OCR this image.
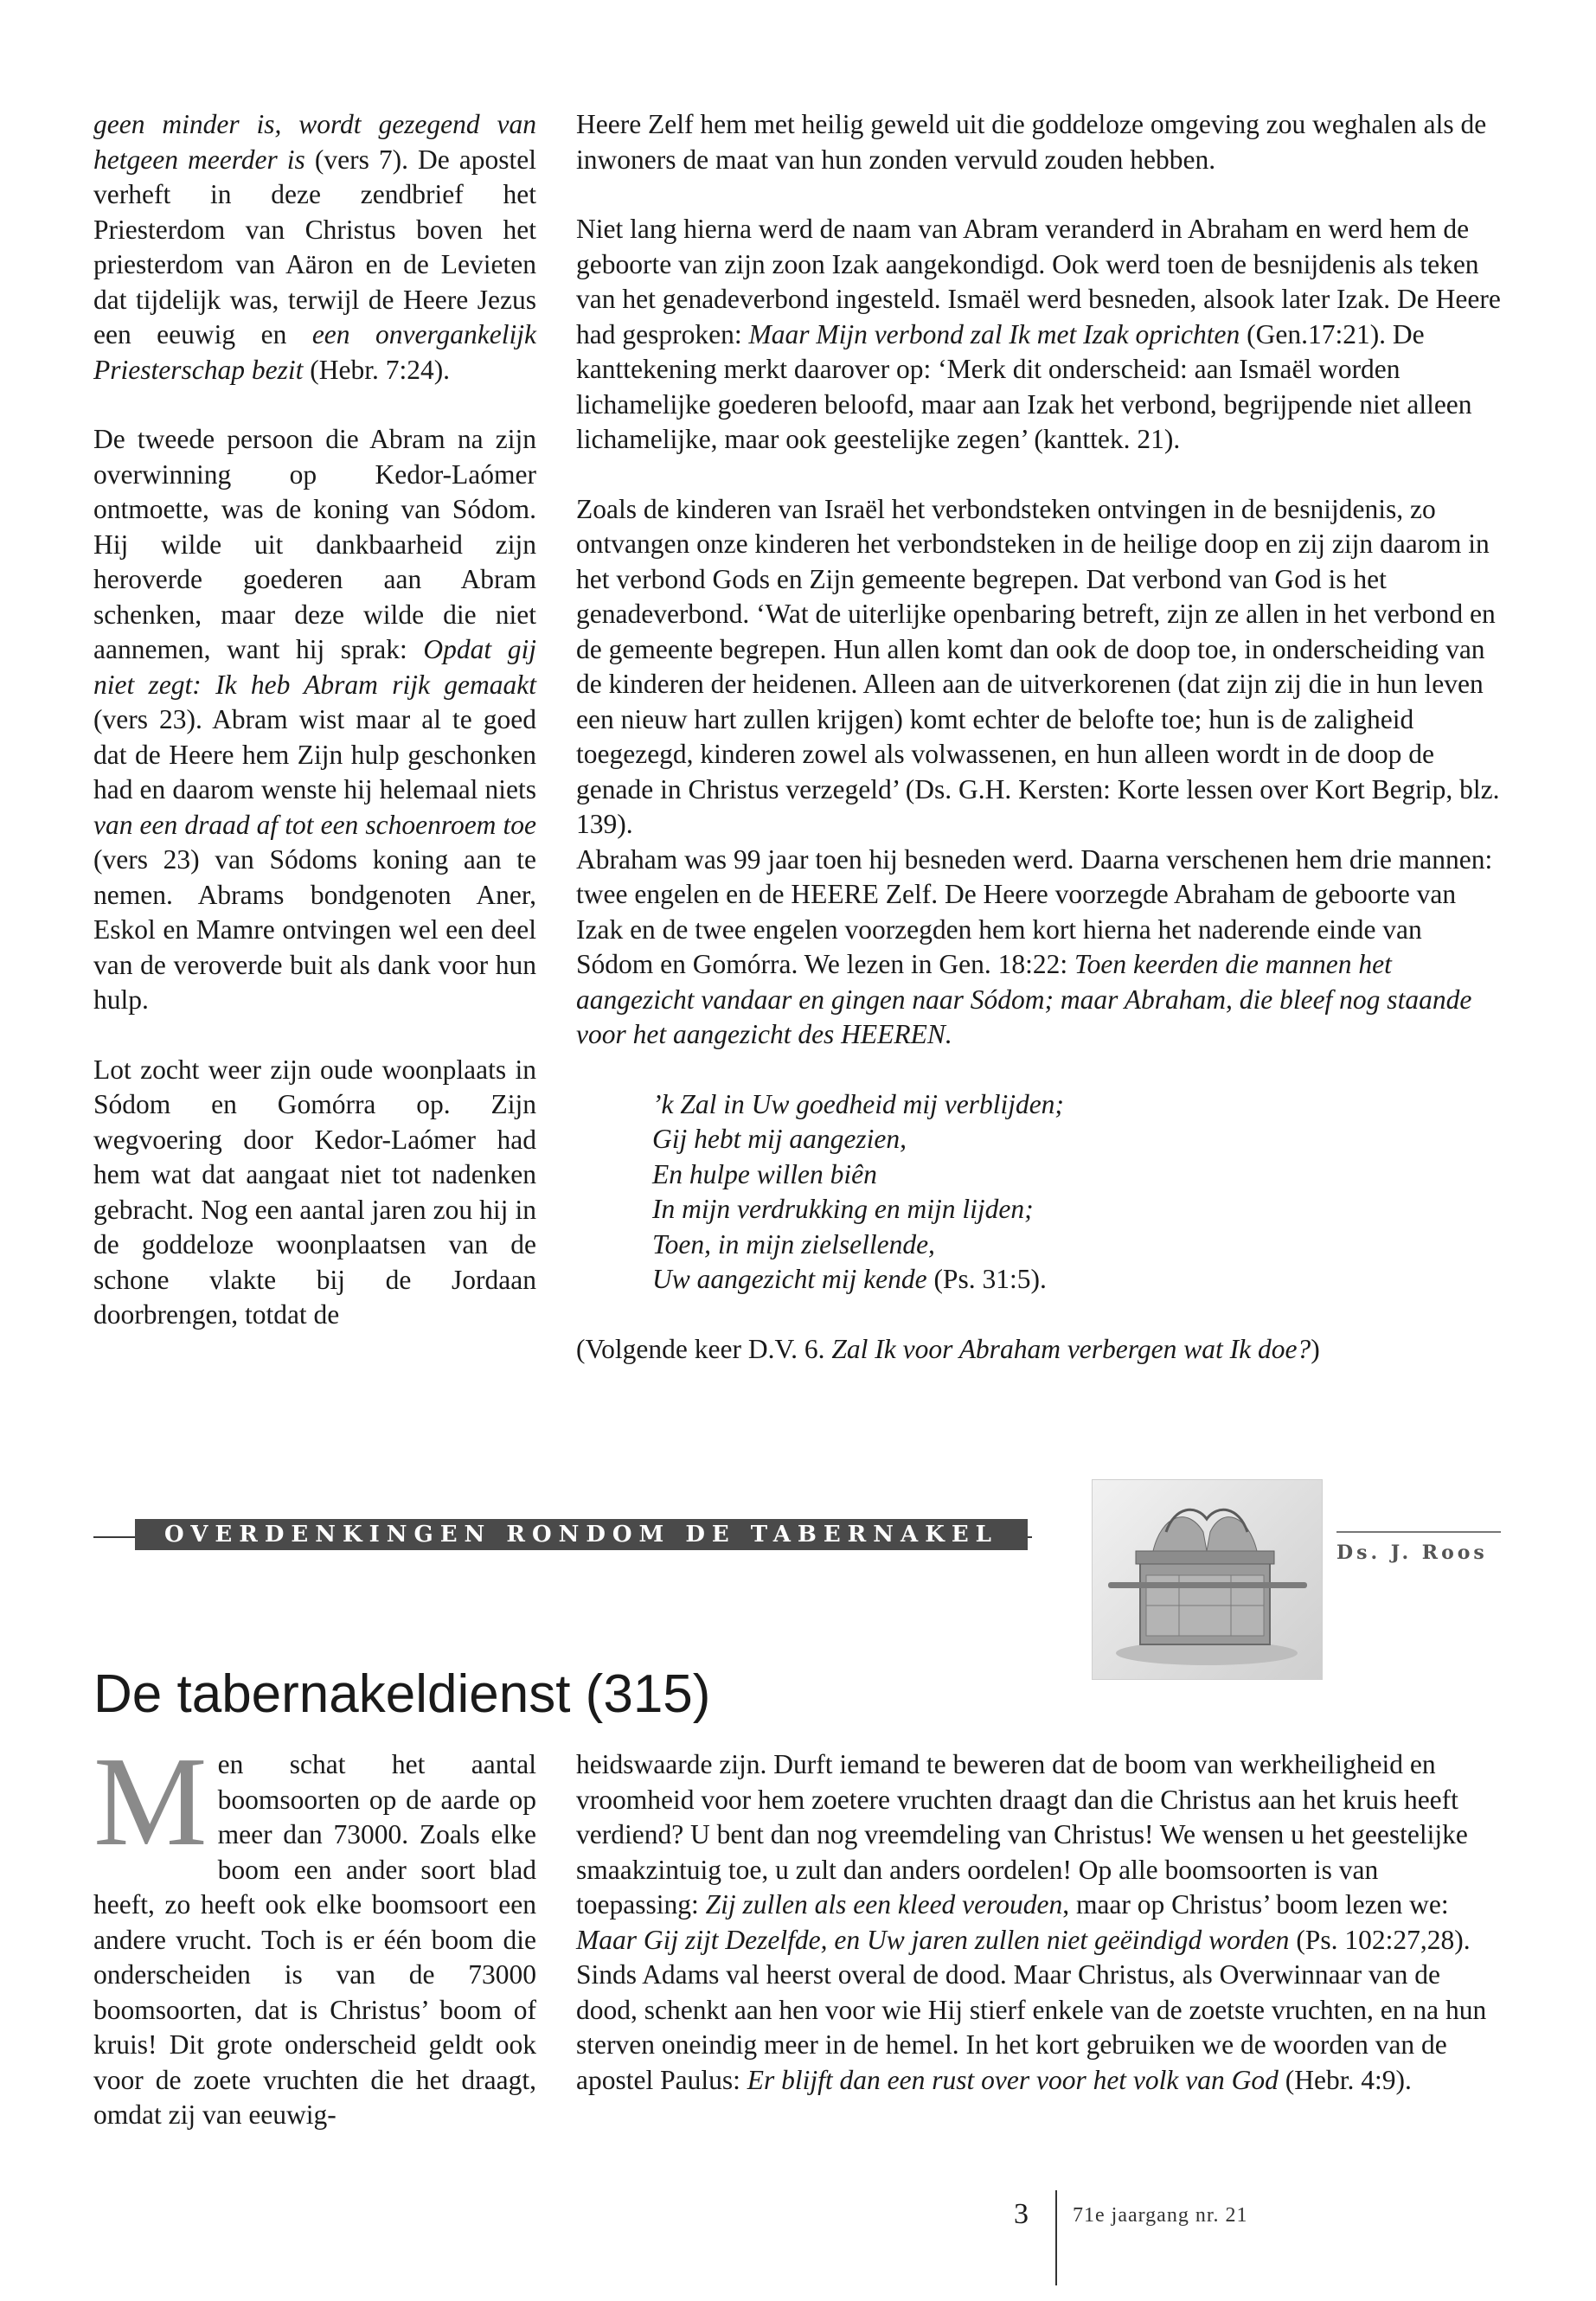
geen minder is, wordt gezegend van hetgeen meerder is (vers 7). De apostel verheft in deze zendbrief het Priesterdom van Christus boven het priesterdom van Aäron en de Levieten dat tijdelijk was, terwijl de Heere Jezus een eeuwig en een onvergankelijk Priesterschap bezit (Hebr. 7:24).

De tweede persoon die Abram na zijn overwinning op Kedor-Laómer ontmoette, was de koning van Sódom. Hij wilde uit dankbaarheid zijn heroverde goederen aan Abram schenken, maar deze wilde die niet aannemen, want hij sprak: Opdat gij niet zegt: Ik heb Abram rijk gemaakt (vers 23). Abram wist maar al te goed dat de Heere hem Zijn hulp geschonken had en daarom wenste hij helemaal niets van een draad af tot een schoenroem toe (vers 23) van Sódoms koning aan te nemen. Abrams bondgenoten Aner, Eskol en Mamre ontvingen wel een deel van de veroverde buit als dank voor hun hulp.

Lot zocht weer zijn oude woonplaats in Sódom en Gomórra op. Zijn wegvoering door Kedor-Laómer had hem wat dat aangaat niet tot nadenken gebracht. Nog een aantal jaren zou hij in de goddeloze woonplaatsen van de schone vlakte bij de Jordaan doorbrengen, totdat de

Heere Zelf hem met heilig geweld uit die goddeloze omgeving zou weghalen als de inwoners de maat van hun zonden vervuld zouden hebben.

Niet lang hierna werd de naam van Abram veranderd in Abraham en werd hem de geboorte van zijn zoon Izak aangekondigd. Ook werd toen de besnijdenis als teken van het genadeverbond ingesteld. Ismaël werd besneden, alsook later Izak. De Heere had gesproken: Maar Mijn verbond zal Ik met Izak oprichten (Gen.17:21). De kanttekening merkt daarover op: ‘Merk dit onderscheid: aan Ismaël worden lichamelijke goederen beloofd, maar aan Izak het verbond, begrijpende niet alleen lichamelijke, maar ook geestelijke zegen’ (kanttek. 21).

Zoals de kinderen van Israël het verbondsteken ontvingen in de besnijdenis, zo ontvangen onze kinderen het verbondsteken in de heilige doop en zij zijn daarom in het verbond Gods en Zijn gemeente begrepen. Dat verbond van God is het genadeverbond. ‘Wat de uiterlijke openbaring betreft, zijn ze allen in het verbond en de gemeente begrepen. Hun allen komt dan ook de doop toe, in onderscheiding van de kinderen der heidenen. Alleen aan de uitverkorenen (dat zijn zij die in hun leven een nieuw hart zullen krijgen) komt echter de belofte toe; hun is de zaligheid toegezegd, kinderen zowel als volwassenen, en hun alleen wordt in de doop de genade in Christus verzegeld’ (Ds. G.H. Kersten: Korte lessen over Kort Begrip, blz. 139).

Abraham was 99 jaar toen hij besneden werd. Daarna verschenen hem drie mannen: twee engelen en de HEERE Zelf. De Heere voorzegde Abraham de geboorte van Izak en de twee engelen voorzegden hem kort hierna het naderende einde van Sódom en Gomórra. We lezen in Gen. 18:22: Toen keerden die mannen het aangezicht vandaar en gingen naar Sódom; maar Abraham, die bleef nog staande voor het aangezicht des HEEREN.

’k Zal in Uw goedheid mij verblijden;
Gij hebt mij aangezien,
En hulpe willen biên
In mijn verdrukking en mijn lijden;
Toen, in mijn zielsellende,
Uw aangezicht mij kende (Ps. 31:5).

(Volgende keer D.V. 6. Zal Ik voor Abraham verbergen wat Ik doe?)

OVERDENKINGEN RONDOM DE TABERNAKEL
Ds. J. Roos
De tabernakeldienst (315)

Men schat het aantal boomsoorten op de aarde op meer dan 73000. Zoals elke boom een ander soort blad heeft, zo heeft ook elke boomsoort een andere vrucht. Toch is er één boom die onderscheiden is van de 73000 boomsoorten, dat is Christus’ boom of kruis! Dit grote onderscheid geldt ook voor de zoete vruchten die het draagt, omdat zij van eeuwig-

heidswaarde zijn. Durft iemand te beweren dat de boom van werkheiligheid en vroomheid voor hem zoetere vruchten draagt dan die Christus aan het kruis heeft verdiend? U bent dan nog vreemdeling van Christus! We wensen u het geestelijke smaakzintuig toe, u zult dan anders oordelen! Op alle boomsoorten is van toepassing: Zij zullen als een kleed verouden, maar op Christus’ boom lezen we: Maar Gij zijt Dezelfde, en Uw jaren zullen niet geëindigd worden (Ps. 102:27,28). Sinds Adams val heerst overal de dood. Maar Christus, als Overwinnaar van de dood, schenkt aan hen voor wie Hij stierf enkele van de zoetste vruchten, en na hun sterven oneindig meer in de hemel. In het kort gebruiken we de woorden van de apostel Paulus: Er blijft dan een rust over voor het volk van God (Hebr. 4:9).

3 71e jaargang nr. 21
